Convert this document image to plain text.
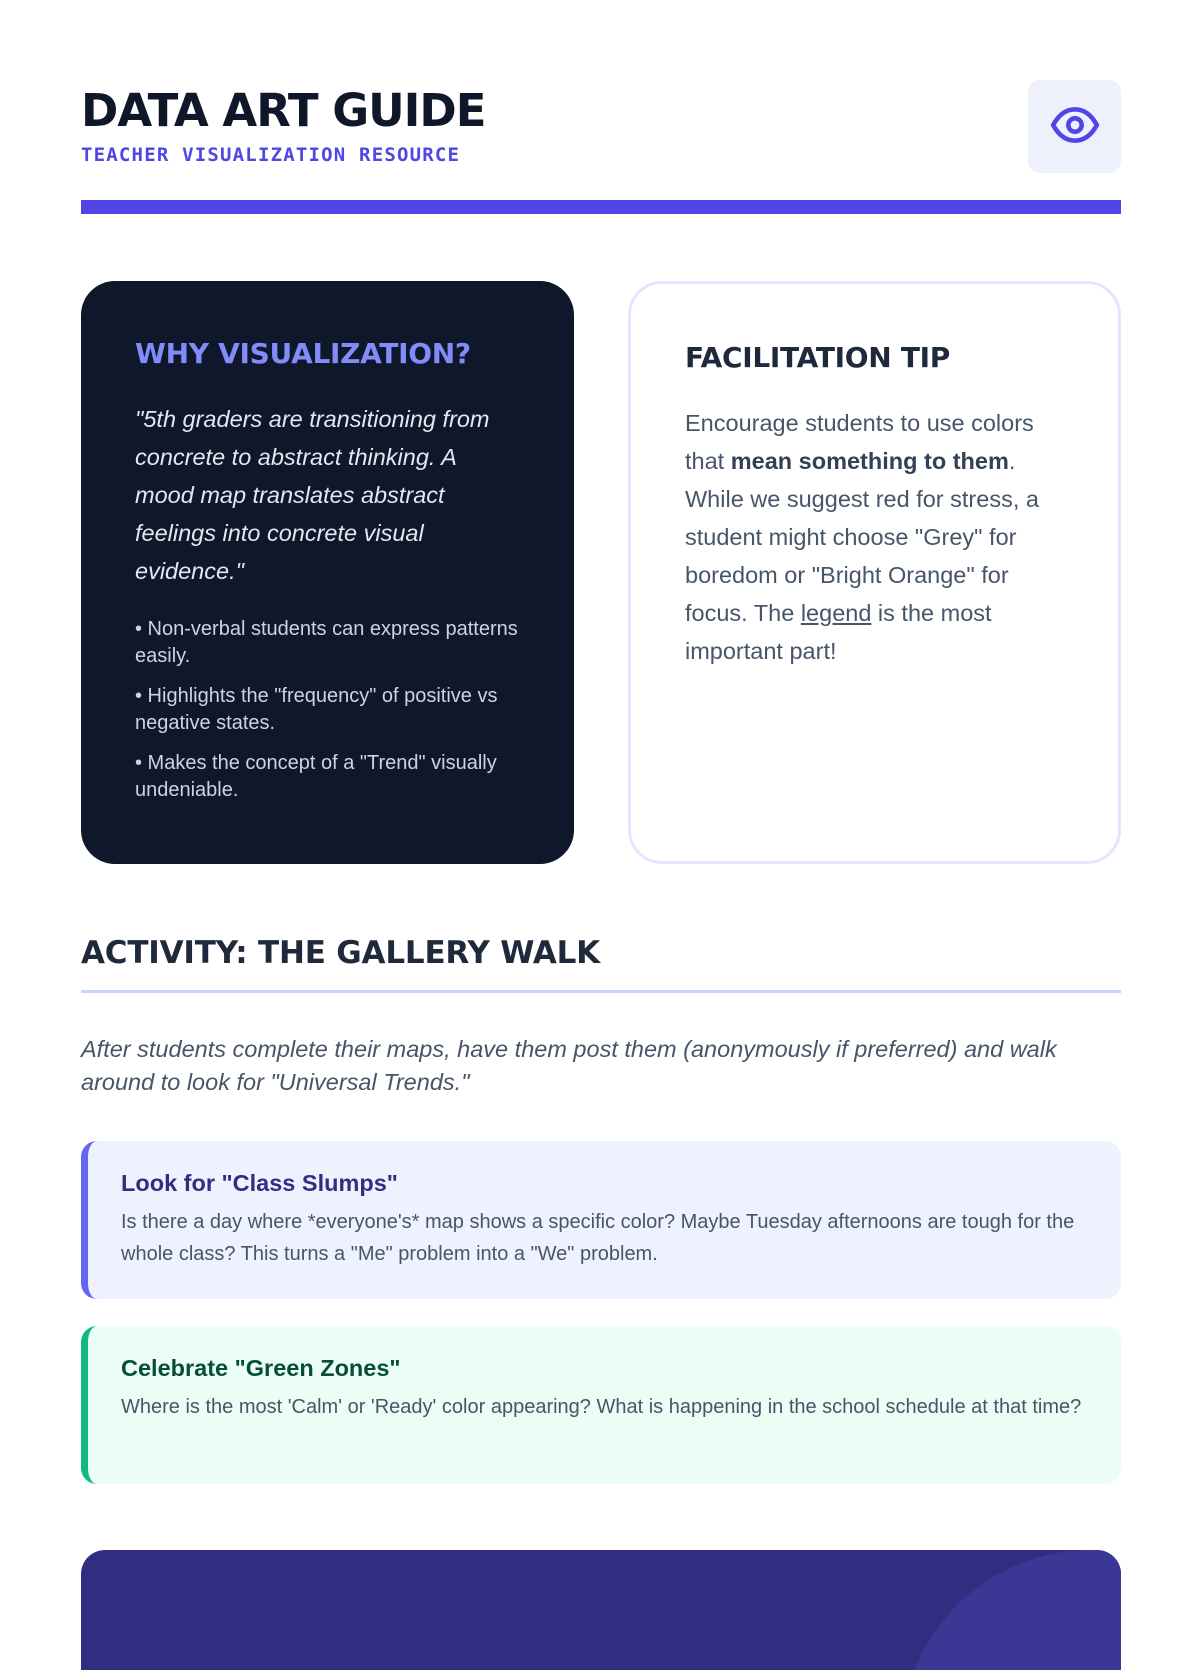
DATA ART GUIDE
TEACHER VISUALIZATION RESOURCE
WHY VISUALIZATION?

"5th graders are transitioning from concrete to abstract thinking. A mood map translates abstract feelings into concrete visual evidence."

• Non-verbal students can express patterns easily.
• Highlights the "frequency" of positive vs negative states.
• Makes the concept of a "Trend" visually undeniable.
FACILITATION TIP

Encourage students to use colors that mean something to them. While we suggest red for stress, a student might choose "Grey" for boredom or "Bright Orange" for focus. The legend is the most important part!

ACTIVITY: THE GALLERY WALK

After students complete their maps, have them post them (anonymously if preferred) and walk around to look for "Universal Trends."

Look for "Class Slumps"

Is there a day where *everyone's* map shows a specific color? Maybe Tuesday afternoons are tough for the whole class? This turns a "Me" problem into a "We" problem.

Celebrate "Green Zones"

Where is the most 'Calm' or 'Ready' color appearing? What is happening in the school schedule at that time?
